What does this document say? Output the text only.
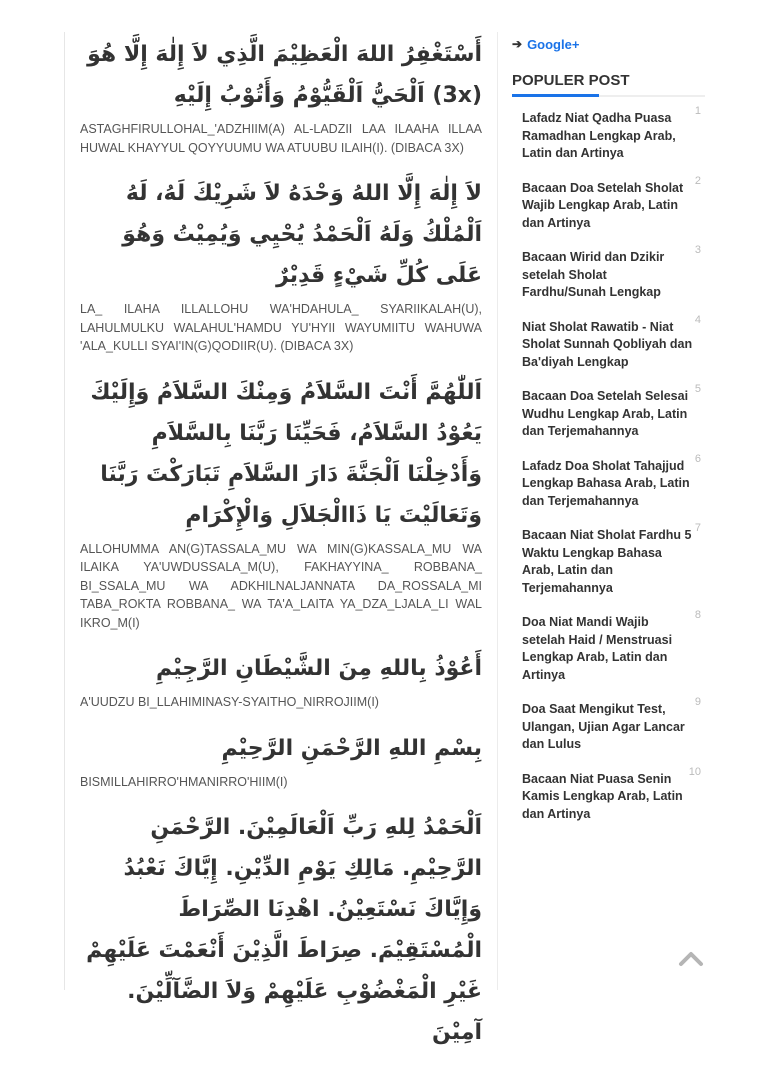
أَسْتَغْفِرُ اللهَ الْعَظِيْمَ الَّذِي لاَ إِلٰهَ إِلَّا هُوَ (3x) اَلْحَيُّ اَلْقَيُّوْمُ وَأَتُوْبُ إِلَيْهِ

ASTAGHFIRULLOHAL_'ADZHIIM(A) AL-LADZII LAA ILAAHA ILLAA HUWAL KHAYYUL QOYYUUMU WA ATUUBU ILAIH(I). (DIBACA 3X)

لاَ إِلٰهَ إِلَّا اللهُ وَحْدَهُ لاَ شَرِيْكَ لَهُ، لَهُ اَلْمُلْكُ وَلَهُ اَلْحَمْدُ يُحْيِي وَيُمِيْتُ وَهُوَ عَلَى كُلِّ شَيْءٍ قَدِيْرٌ

LA_ ILAHA ILLALLOHU WA'HDAHULA_ SYARIIKALAH(U), LAHULMULKU WALAHUL'HAMDU YU'HYII WAYUMIITU WAHUWA 'ALA_KULLI SYAI'IN(G)QODIIR(U). (DIBACA 3X)

اَللّٰهُمَّ أَنْتَ السَّلاَمُ وَمِنْكَ السَّلاَمُ وَإِلَيْكَ يَعُوْدُ السَّلاَمُ، فَحَيِّنَا رَبَّنَا بِالسَّلاَمِ وَأَدْخِلْنَا اَلْجَنَّةَ دَارَ السَّلاَمِ تَبَارَكْتَ رَبَّنَا وَتَعَالَيْتَ يَا ذَاالْجَلاَلِ وَالْإِكْرَامِ

ALLOHUMMA AN(G)TASSALA_MU WA MIN(G)KASSALA_MU WA ILAIKA YA'UWDUSSALA_M(U), FAKHAYYINA_ ROBBANA_ BI_SSALA_MU WA ADKHILNALJANNATA DA_ROSSALA_MI TABA_ROKTA ROBBANA_ WA TA'A_LAITA YA_DZA_LJALA_LI WAL IKRO_M(I)

أَعُوْذُ بِاللهِ مِنَ الشَّيْطَانِ الرَّجِيْمِ

A'UUDZU BI_LLAHIMINASY-SYAITHO_NIRROJIIM(I)

بِسْمِ اللهِ الرَّحْمَنِ الرَّحِيْمِ

BISMILLAHIRRO'HMANIRRO'HIIM(I)

اَلْحَمْدُ لِلهِ رَبِّ اَلْعَالَمِيْنَ. الرَّحْمَنِ الرَّحِيْمِ. مَالِكِ يَوْمِ الدِّيْنِ. إِيَّاكَ نَعْبُدُ وَإِيَّاكَ نَسْتَعِيْنُ. اهْدِنَا الصِّرَاطَ الْمُسْتَقِيْمَ. صِرَاطَ الَّذِيْنَ أَنْعَمْتَ عَلَيْهِمْ غَيْرِ الْمَغْضُوْبِ عَلَيْهِمْ وَلاَ الضَّآلِّيْنَ. آمِيْنَ

➔ Google+
POPULER POST
Lafadz Niat Qadha Puasa Ramadhan Lengkap Arab, Latin dan Artinya
1
Bacaan Doa Setelah Sholat Wajib Lengkap Arab, Latin dan Artinya
2
Bacaan Wirid dan Dzikir setelah Sholat Fardhu/Sunah Lengkap
3
Niat Sholat Rawatib - Niat Sholat Sunnah Qobliyah dan Ba'diyah Lengkap
4
Bacaan Doa Setelah Selesai Wudhu Lengkap Arab, Latin dan Terjemahannya
5
Lafadz Doa Sholat Tahajjud Lengkap Bahasa Arab, Latin dan Terjemahannya
6
Bacaan Niat Sholat Fardhu 5 Waktu Lengkap Bahasa Arab, Latin dan Terjemahannya
7
Doa Niat Mandi Wajib setelah Haid / Menstruasi Lengkap Arab, Latin dan Artinya
8
Doa Saat Mengikut Test, Ulangan, Ujian Agar Lancar dan Lulus
9
Bacaan Niat Puasa Senin Kamis Lengkap Arab, Latin dan Artinya
10
